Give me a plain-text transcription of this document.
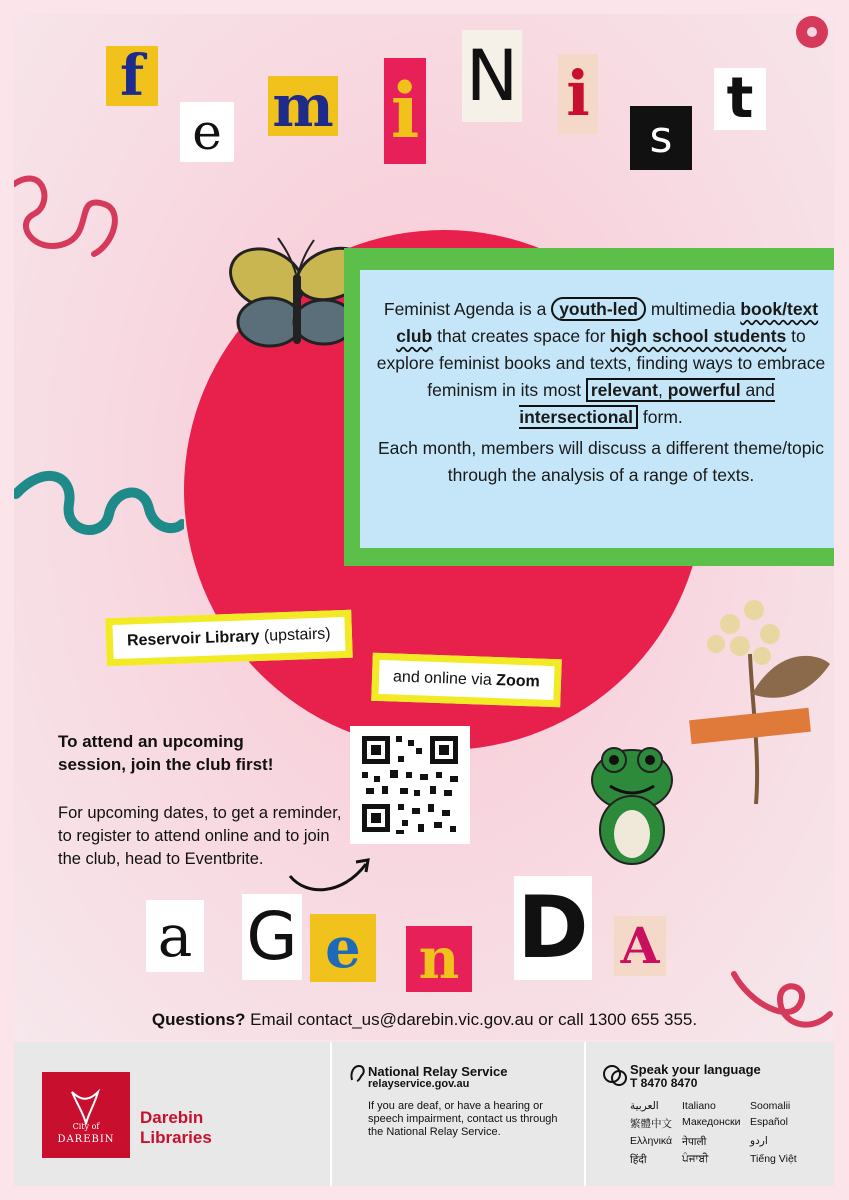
f
e m i N i
s
t
Feminist Agenda is a youth-led multimedia book/text club that creates space for high school students to explore feminist books and texts, finding ways to embrace feminism in its most relevant, powerful and intersectional form.
Each month, members will discuss a different theme/topic through the analysis of a range of texts.
Reservoir Library (upstairs)
and online via Zoom
To attend an upcoming session, join the club first!
For upcoming dates, to get a reminder, to register to attend online and to join the club, head to Eventbrite.
a G e n D A
Questions? Email contact_us@darebin.vic.gov.au or call 1300 655 355.
City of
DAREBIN
Darebin
Libraries
National Relay Service
relayservice.gov.au
If you are deaf, or have a hearing or speech impairment, contact us through the National Relay Service.
Speak your language
T 8470 8470
العربية	Italiano	Soomalii
繁體中文 Македонски Español
Ελληνικά नेपाली	اردو
हिंदी	ਪੰਜਾਬੀ	Tiếng Việt
